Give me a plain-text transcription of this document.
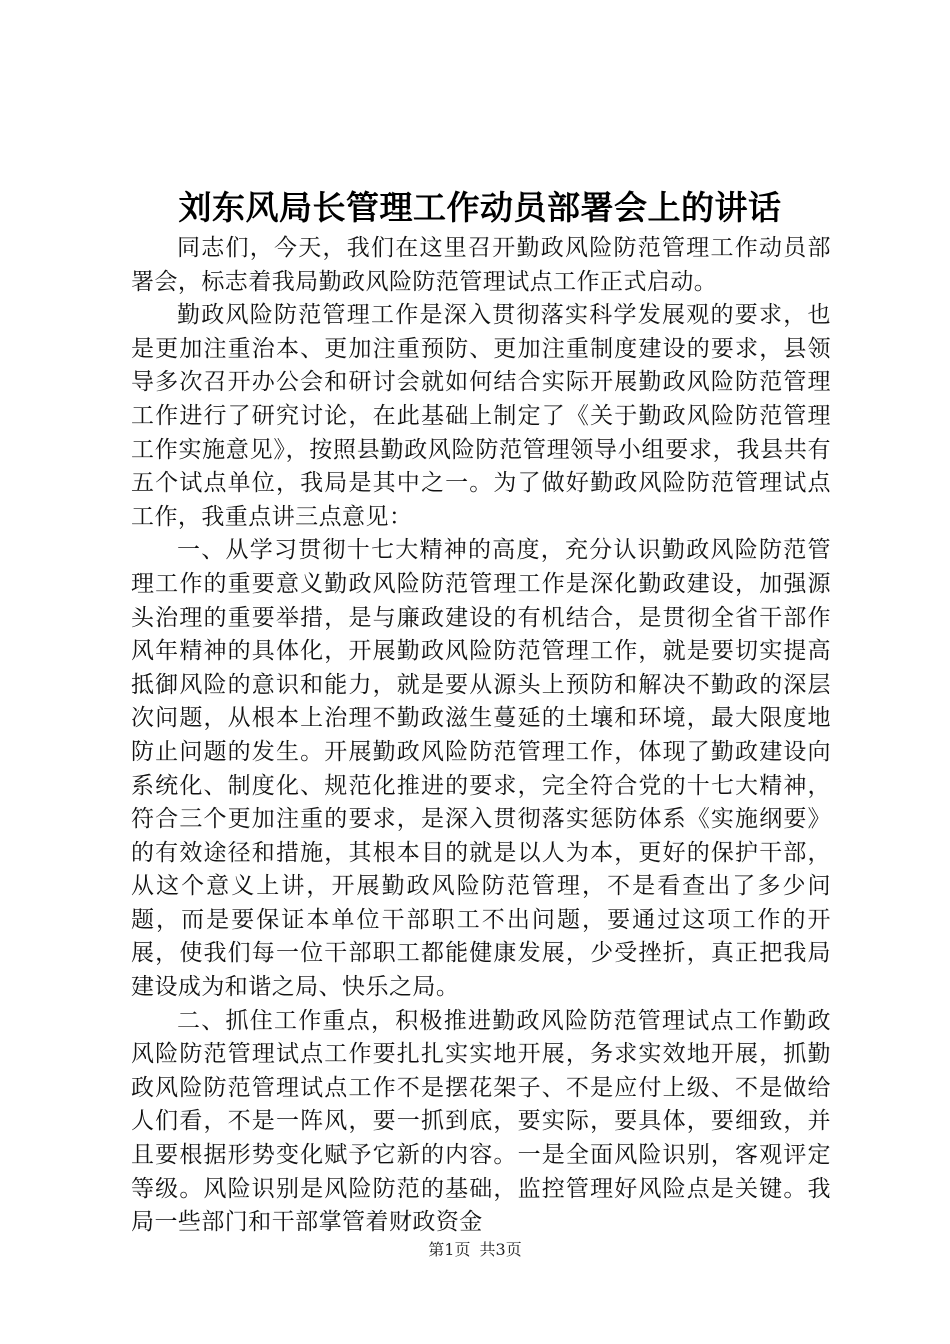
刘东风局长管理工作动员部署会上的讲话

同志们，今天，我们在这里召开勤政风险防范管理工作动员部署会，标志着我局勤政风险防范管理试点工作正式启动。

勤政风险防范管理工作是深入贯彻落实科学发展观的要求，也是更加注重治本、更加注重预防、更加注重制度建设的要求，县领导多次召开办公会和研讨会就如何结合实际开展勤政风险防范管理工作进行了研究讨论，在此基础上制定了《关于勤政风险防范管理工作实施意见》，按照县勤政风险防范管理领导小组要求，我县共有五个试点单位，我局是其中之一。为了做好勤政风险防范管理试点工作，我重点讲三点意见：

一、从学习贯彻十七大精神的高度，充分认识勤政风险防范管理工作的重要意义勤政风险防范管理工作是深化勤政建设，加强源头治理的重要举措，是与廉政建设的有机结合，是贯彻全省干部作风年精神的具体化，开展勤政风险防范管理工作，就是要切实提高抵御风险的意识和能力，就是要从源头上预防和解决不勤政的深层次问题，从根本上治理不勤政滋生蔓延的土壤和环境，最大限度地防止问题的发生。开展勤政风险防范管理工作，体现了勤政建设向系统化、制度化、规范化推进的要求，完全符合党的十七大精神，符合三个更加注重的要求，是深入贯彻落实惩防体系《实施纲要》的有效途径和措施，其根本目的就是以人为本，更好的保护干部，从这个意义上讲，开展勤政风险防范管理，不是看查出了多少问题，而是要保证本单位干部职工不出问题，要通过这项工作的开展，使我们每一位干部职工都能健康发展，少受挫折，真正把我局建设成为和谐之局、快乐之局。

二、抓住工作重点，积极推进勤政风险防范管理试点工作勤政风险防范管理试点工作要扎扎实实地开展，务求实效地开展，抓勤政风险防范管理试点工作不是摆花架子、不是应付上级、不是做给人们看，不是一阵风，要一抓到底，要实际，要具体，要细致，并且要根据形势变化赋予它新的内容。一是全面风险识别，客观评定等级。风险识别是风险防范的基础，监控管理好风险点是关键。我局一些部门和干部掌管着财政资金

第1页 共3页
